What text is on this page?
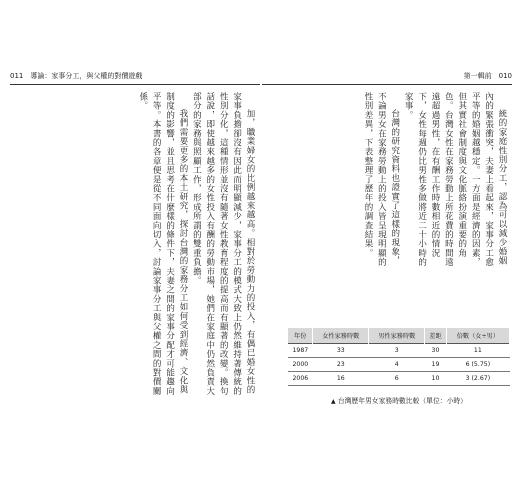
011　導論：家事分工，與父權的對價遊戲

加，職業婦女的比例越來越高。相對於勞動力的投入，有偶已婚女性的家事負擔卻沒有因此而明顯減少，家事分工的模式大致上仍然維持著傳統的性別分化，這種情形並沒有隨著女性教育程度的提高而有顯著的改變。換句話說，即使越來越多的女性投入有酬的勞動市場，她們在家庭中仍然負責大部分的家務與照顧工作，形成所謂的雙重負擔。

我們需要更多的本土研究，探討台灣的家務分工如何受到經濟、文化與制度的影響，並且思考在什麼樣的條件下，夫妻之間的家事分配才可能趨向平等。本書的各章便是從不同面向切入，討論家事分工與父權之間的對價關係。

第一輯前　010

統的家庭性別分工，認為可以減少婚姻內的緊張衝突，夫妻上看起來，家事分工愈平等的婚姻越穩定。一方面是經濟的因素，但其實社會制度與文化脈絡扮演重要的角色。台灣女性在家務勞動上所花費的時間遠遠超過男性，在有酬工作時數相近的情況下，女性每週仍比男性多做將近二十小時的家事。

台灣的研究資料也證實了這樣的現象，不論男女在家務勞動上的投入皆呈現明顯的性別差異，下表整理了歷年的調查結果。

年份	女性家務時數	男性家務時數	差距	倍數（女÷男）
1987	33	3	30	11
2000	23	4	19	6 (5.75)
2006	16	6	10	3 (2.67)
▲ 台灣歷年男女家務時數比較（單位：小時）
